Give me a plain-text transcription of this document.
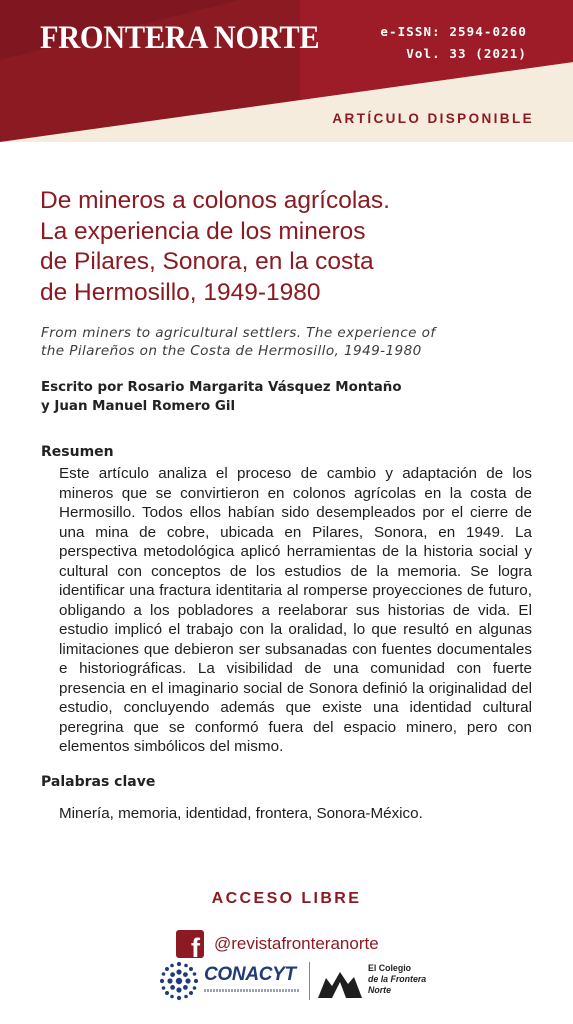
FRONTERA NORTE	e-ISSN: 2594-0260
Vol. 33 (2021)
ARTÍCULO DISPONIBLE
De mineros a colonos agrícolas.
La experiencia de los mineros
de Pilares, Sonora, en la costa
de Hermosillo, 1949-1980
From miners to agricultural settlers. The experience of
the Pilareños on the Costa de Hermosillo, 1949-1980
Escrito por Rosario Margarita Vásquez Montaño
y Juan Manuel Romero Gil
Resumen

Este artículo analiza el proceso de cambio y adaptación de los mineros que se convirtieron en colonos agrícolas en la costa de Hermosillo. Todos ellos habían sido desempleados por el cierre de una mina de cobre, ubicada en Pilares, Sonora, en 1949. La perspectiva metodológica aplicó herramientas de la historia social y cultural con conceptos de los estudios de la memoria. Se logra identificar una fractura identitaria al romperse proyecciones de futuro, obligando a los pobladores a reelaborar sus historias de vida. El estudio implicó el trabajo con la oralidad, lo que resultó en algunas limitaciones que debieron ser subsanadas con fuentes documentales e historiográficas. La visibilidad de una comunidad con fuerte presencia en el imaginario social de Sonora definió la originalidad del estudio, concluyendo además que existe una identidad cultural peregrina que se conformó fuera del espacio minero, pero con elementos simbólicos del mismo.

Palabras clave
Minería, memoria, identidad, frontera, Sonora-México.
ACCESO LIBRE
f @revistafronteranorte
CONACYT	El Colegio
de la Frontera
Norte
